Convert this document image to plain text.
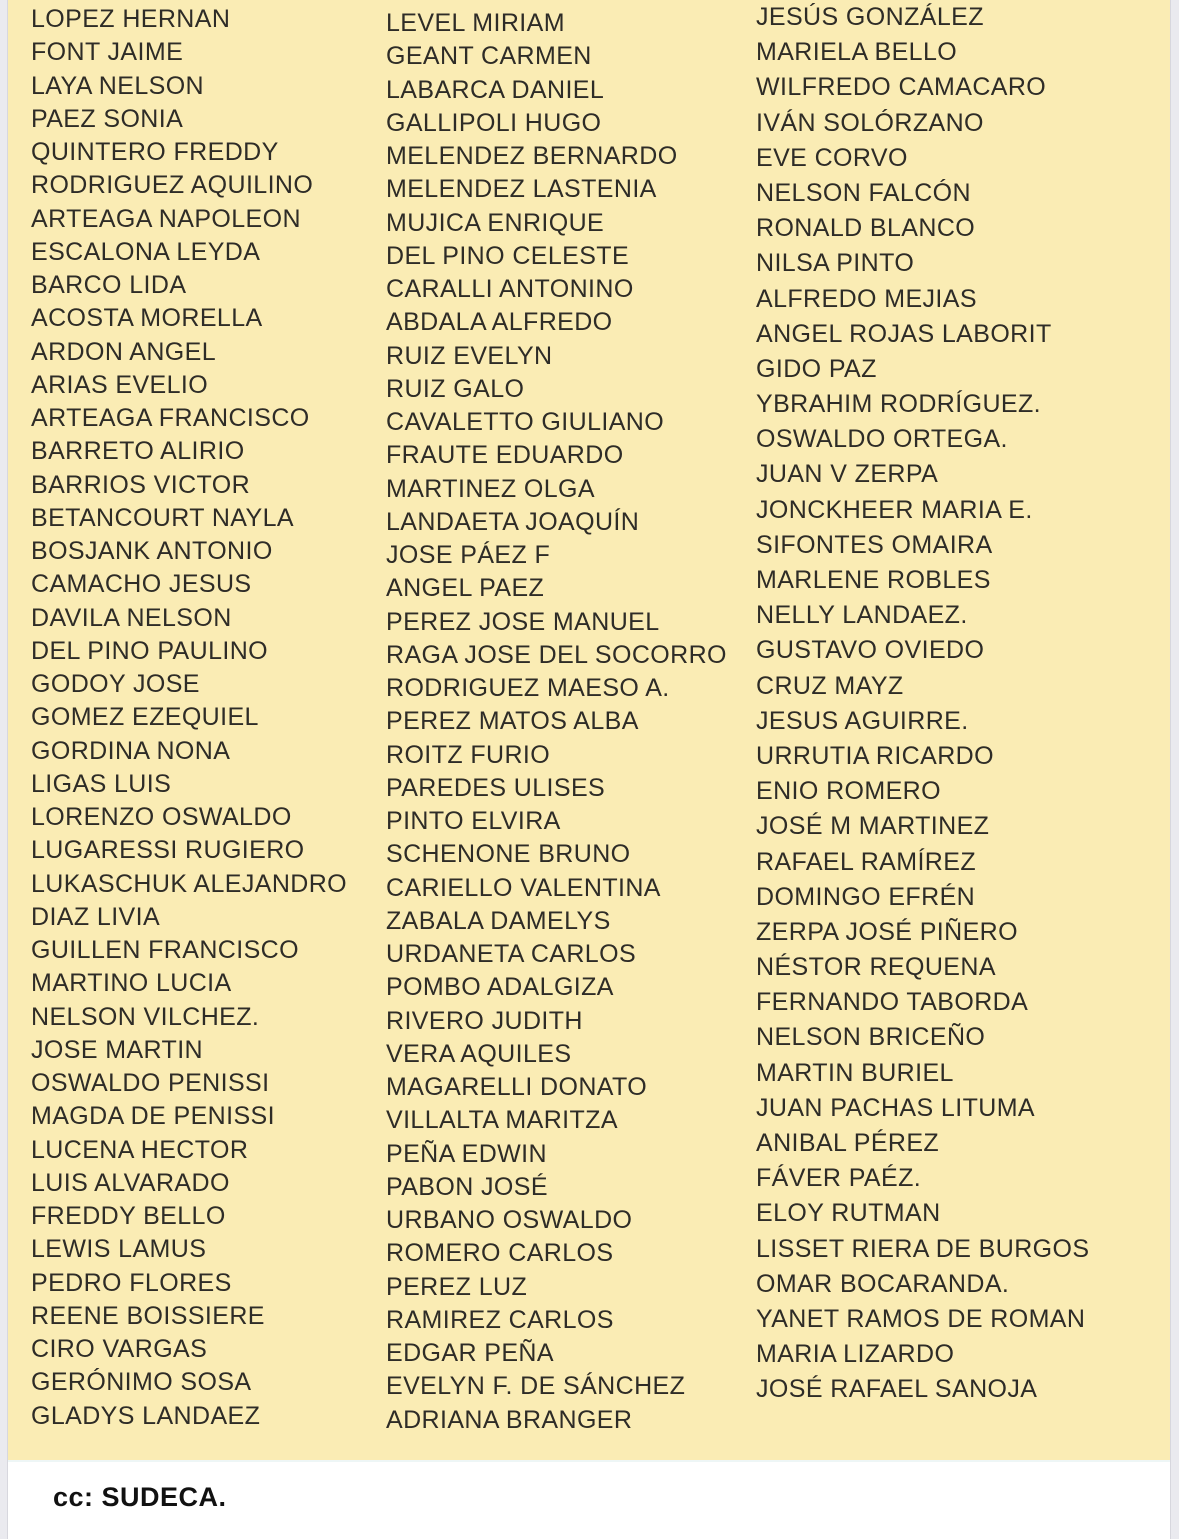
LOPEZ HERNAN
FONT JAIME
LAYA NELSON
PAEZ SONIA
QUINTERO FREDDY
RODRIGUEZ AQUILINO
ARTEAGA NAPOLEON
ESCALONA LEYDA
BARCO LIDA
ACOSTA MORELLA
ARDON ANGEL
ARIAS EVELIO
ARTEAGA FRANCISCO
BARRETO ALIRIO
BARRIOS VICTOR
BETANCOURT NAYLA
BOSJANK ANTONIO
CAMACHO JESUS
DAVILA NELSON
DEL PINO PAULINO
GODOY JOSE
GOMEZ EZEQUIEL
GORDINA NONA
LIGAS LUIS
LORENZO OSWALDO
LUGARESSI RUGIERO
LUKASCHUK ALEJANDRO
DIAZ LIVIA
GUILLEN FRANCISCO
MARTINO LUCIA
NELSON VILCHEZ.
JOSE MARTIN
OSWALDO PENISSI
MAGDA DE PENISSI
LUCENA HECTOR
LUIS ALVARADO
FREDDY BELLO
LEWIS LAMUS
PEDRO FLORES
REENE BOISSIERE
CIRO VARGAS
GERÓNIMO SOSA
GLADYS LANDAEZ
LEVEL MIRIAM
GEANT CARMEN
LABARCA DANIEL
GALLIPOLI HUGO
MELENDEZ BERNARDO
MELENDEZ LASTENIA
MUJICA ENRIQUE
DEL PINO CELESTE
CARALLI ANTONINO
ABDALA ALFREDO
RUIZ EVELYN
RUIZ GALO
CAVALETTO GIULIANO
FRAUTE EDUARDO
MARTINEZ OLGA
LANDAETA JOAQUÍN
JOSE PÁEZ F
ANGEL PAEZ
PEREZ JOSE MANUEL
RAGA JOSE DEL SOCORRO
RODRIGUEZ MAESO A.
PEREZ MATOS ALBA
ROITZ FURIO
PAREDES ULISES
PINTO ELVIRA
SCHENONE BRUNO
CARIELLO VALENTINA
ZABALA DAMELYS
URDANETA CARLOS
POMBO ADALGIZA
RIVERO JUDITH
VERA AQUILES
MAGARELLI DONATO
VILLALTA MARITZA
PEÑA EDWIN
PABON JOSÉ
URBANO OSWALDO
ROMERO CARLOS
PEREZ LUZ
RAMIREZ CARLOS
EDGAR PEÑA
EVELYN F. DE SÁNCHEZ
ADRIANA BRANGER
JESÚS GONZÁLEZ
MARIELA BELLO
WILFREDO CAMACARO
IVÁN SOLÓRZANO
EVE CORVO
NELSON FALCÓN
RONALD BLANCO
NILSA PINTO
ALFREDO MEJIAS
ANGEL ROJAS LABORIT
GIDO PAZ
YBRAHIM RODRÍGUEZ.
OSWALDO ORTEGA.
JUAN V ZERPA
JONCKHEER MARIA E.
SIFONTES OMAIRA
MARLENE ROBLES
NELLY LANDAEZ.
GUSTAVO OVIEDO
CRUZ MAYZ
JESUS AGUIRRE.
URRUTIA RICARDO
ENIO ROMERO
JOSÉ M MARTINEZ
RAFAEL RAMÍREZ
DOMINGO EFRÉN
ZERPA JOSÉ PIÑERO
NÉSTOR REQUENA
FERNANDO TABORDA
NELSON BRICEÑO
MARTIN BURIEL
JUAN PACHAS LITUMA
ANIBAL PÉREZ
FÁVER PAÉZ.
ELOY RUTMAN
LISSET RIERA DE BURGOS
OMAR BOCARANDA.
YANET RAMOS DE ROMAN
MARIA LIZARDO
JOSÉ RAFAEL SANOJA
cc: SUDECA.
